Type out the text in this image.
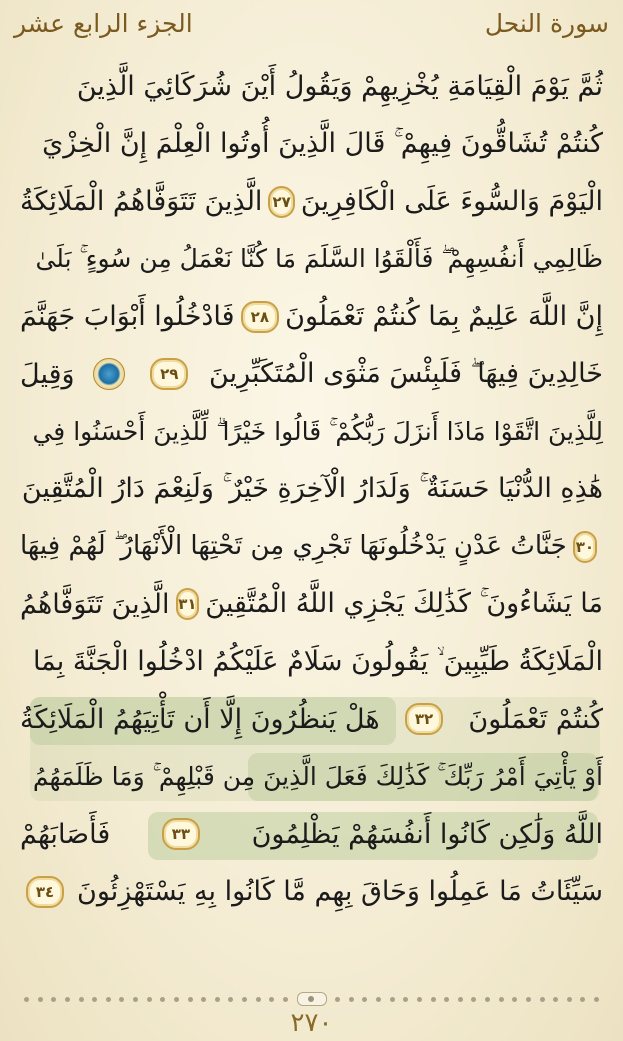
الجزء الرابع عشر	سورة النحل
ثُمَّ يَوْمَ الْقِيَامَةِ يُخْزِيهِمْ وَيَقُولُ أَيْنَ شُرَكَائِيَ الَّذِينَ
كُنتُمْ تُشَاقُّونَ فِيهِمْ ۚ قَالَ الَّذِينَ أُوتُوا الْعِلْمَ إِنَّ الْخِزْيَ
الْيَوْمَ وَالسُّوءَ عَلَى الْكَافِرِينَ
٢٧
الَّذِينَ تَتَوَفَّاهُمُ الْمَلَائِكَةُ
ظَالِمِي أَنفُسِهِمْ ۖ فَأَلْقَوُا السَّلَمَ مَا كُنَّا نَعْمَلُ مِن سُوءٍ ۚ بَلَىٰ
إِنَّ اللَّهَ عَلِيمٌ بِمَا كُنتُمْ تَعْمَلُونَ
٢٨
فَادْخُلُوا أَبْوَابَ جَهَنَّمَ
خَالِدِينَ فِيهَا ۖ فَلَبِئْسَ مَثْوَى الْمُتَكَبِّرِينَ
٢٩
وَقِيلَ
لِلَّذِينَ اتَّقَوْا مَاذَا أَنزَلَ رَبُّكُمْ ۚ قَالُوا خَيْرًا ۗ لِّلَّذِينَ أَحْسَنُوا فِي
هَٰذِهِ الدُّنْيَا حَسَنَةٌ ۚ وَلَدَارُ الْآخِرَةِ خَيْرٌ ۚ وَلَنِعْمَ دَارُ الْمُتَّقِينَ
٣٠
جَنَّاتُ عَدْنٍ يَدْخُلُونَهَا تَجْرِي مِن تَحْتِهَا الْأَنْهَارُ ۖ لَهُمْ فِيهَا
مَا يَشَاءُونَ ۚ كَذَٰلِكَ يَجْزِي اللَّهُ الْمُتَّقِينَ
٣١
الَّذِينَ تَتَوَفَّاهُمُ
الْمَلَائِكَةُ طَيِّبِينَ ۙ يَقُولُونَ سَلَامٌ عَلَيْكُمُ ادْخُلُوا الْجَنَّةَ بِمَا
كُنتُمْ تَعْمَلُونَ
٣٢
هَلْ يَنظُرُونَ إِلَّا أَن تَأْتِيَهُمُ الْمَلَائِكَةُ
أَوْ يَأْتِيَ أَمْرُ رَبِّكَ ۚ كَذَٰلِكَ فَعَلَ الَّذِينَ مِن قَبْلِهِمْ ۚ وَمَا ظَلَمَهُمُ
اللَّهُ وَلَٰكِن كَانُوا أَنفُسَهُمْ يَظْلِمُونَ
٣٣
فَأَصَابَهُمْ
سَيِّئَاتُ مَا عَمِلُوا وَحَاقَ بِهِم مَّا كَانُوا بِهِ يَسْتَهْزِئُونَ
٣٤
٢٧٠
